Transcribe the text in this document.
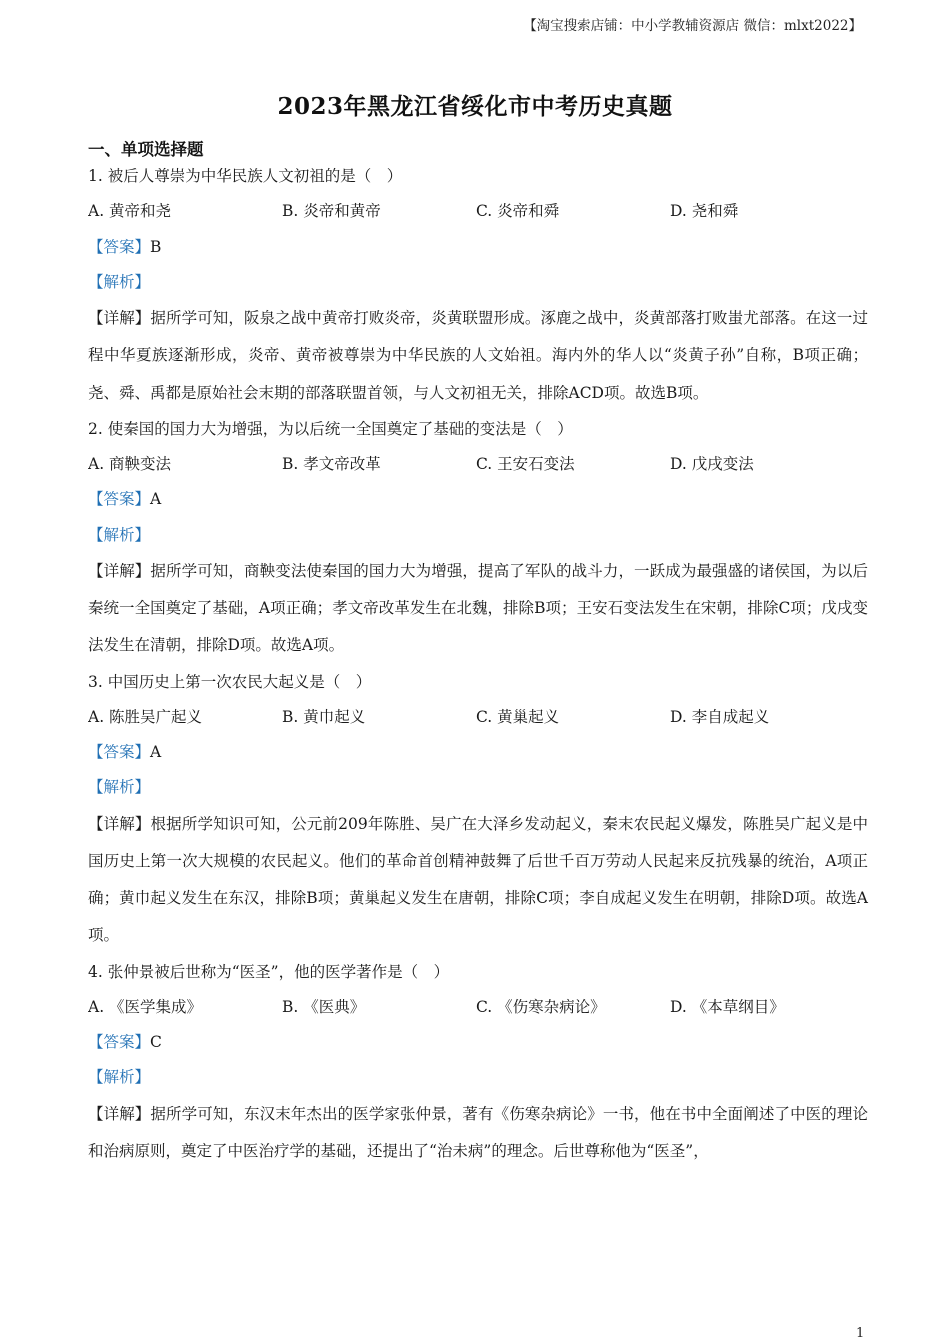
【淘宝搜索店铺：中小学教辅资源店 微信：mlxt2022】
2023年黑龙江省绥化市中考历史真题
一、单项选择题
1. 被后人尊崇为中华民族人文初祖的是（　）
A. 黄帝和尧	B. 炎帝和黄帝	C. 炎帝和舜	D. 尧和舜
【答案】B
【解析】
【详解】据所学可知，阪泉之战中黄帝打败炎帝，炎黄联盟形成。涿鹿之战中，炎黄部落打败蚩尤部落。在这一过程中华夏族逐渐形成，炎帝、黄帝被尊崇为中华民族的人文始祖。海内外的华人以“炎黄子孙”自称，B项正确；尧、舜、禹都是原始社会末期的部落联盟首领，与人文初祖无关，排除ACD项。故选B项。
2. 使秦国的国力大为增强，为以后统一全国奠定了基础的变法是（　）
A. 商鞅变法	B. 孝文帝改革	C. 王安石变法	D. 戊戌变法
【答案】A
【解析】
【详解】据所学可知，商鞅变法使秦国的国力大为增强，提高了军队的战斗力，一跃成为最强盛的诸侯国，为以后秦统一全国奠定了基础，A项正确；孝文帝改革发生在北魏，排除B项；王安石变法发生在宋朝，排除C项；戊戌变法发生在清朝，排除D项。故选A项。
3. 中国历史上第一次农民大起义是（　）
A. 陈胜吴广起义	B. 黄巾起义	C. 黄巢起义	D. 李自成起义
【答案】A
【解析】
【详解】根据所学知识可知，公元前209年陈胜、吴广在大泽乡发动起义，秦末农民起义爆发，陈胜吴广起义是中国历史上第一次大规模的农民起义。他们的革命首创精神鼓舞了后世千百万劳动人民起来反抗残暴的统治，A项正确；黄巾起义发生在东汉，排除B项；黄巢起义发生在唐朝，排除C项；李自成起义发生在明朝，排除D项。故选A项。
4. 张仲景被后世称为“医圣”，他的医学著作是（　）
A. 《医学集成》	B. 《医典》	C. 《伤寒杂病论》	D. 《本草纲目》
【答案】C
【解析】
【详解】据所学可知，东汉末年杰出的医学家张仲景，著有《伤寒杂病论》一书，他在书中全面阐述了中医的理论和治病原则，奠定了中医治疗学的基础，还提出了“治未病”的理念。后世尊称他为“医圣”，
1
